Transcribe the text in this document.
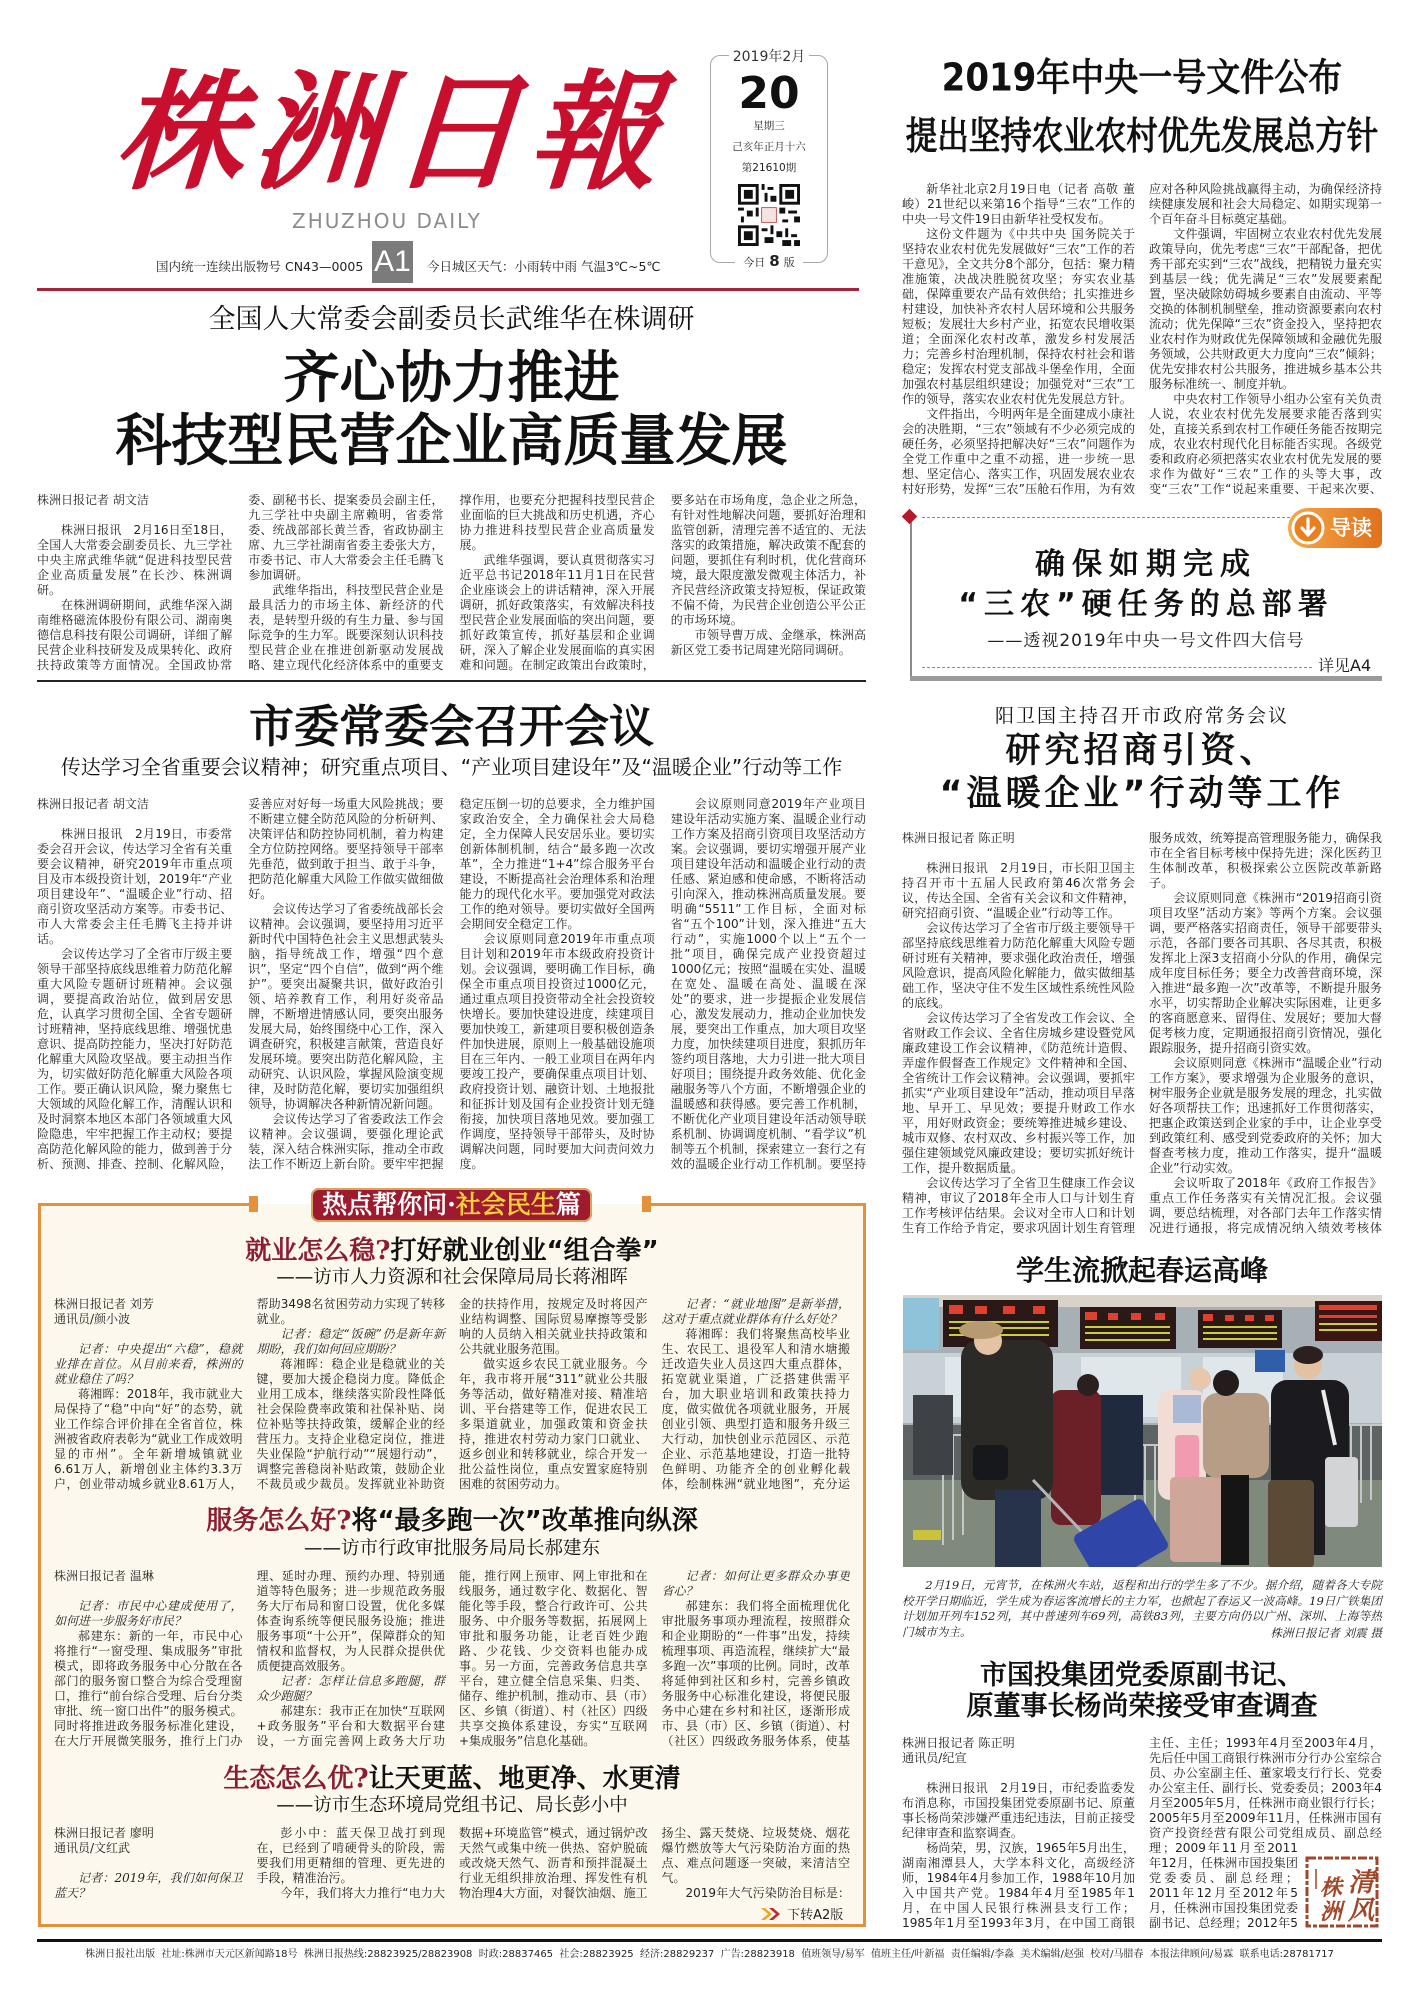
株洲日報
ZHUZHOU DAILY
国内统一连续出版物号 CN43—0005 A1 今日城区天气：小雨转中雨 气温3℃~5℃
2019年2月
20
星期三
己亥年正月十六
第21610期
今日 8 版
全国人大常委会副委员长武维华在株调研
齐心协力推进
科技型民营企业高质量发展

株洲日报记者 胡文洁

株洲日报讯　2月16日至18日，全国人大常委会副委员长、九三学社中央主席武维华就“促进科技型民营企业高质量发展”在长沙、株洲调研。

在株洲调研期间，武维华深入湖南维格磁流体股份有限公司、湖南奥德信息科技有限公司调研，详细了解民营企业科技研发及成果转化、政府扶持政策等方面情况。全国政协常委、副秘书长、提案委员会副主任，九三学社中央副主席赖明，省委常委、统战部部长黄兰香，省政协副主席、九三学社湖南省委主委张大方，市委书记、市人大常委会主任毛腾飞参加调研。

武维华指出，科技型民营企业是最具活力的市场主体、新经济的代表，是转型升级的有生力量、参与国际竞争的生力军。既要深刻认识科技型民营企业在推进创新驱动发展战略、建立现代化经济体系中的重要支撑作用，也要充分把握科技型民营企业面临的巨大挑战和历史机遇，齐心协力推进科技型民营企业高质量发展。

武维华强调，要认真贯彻落实习近平总书记2018年11月1日在民营企业座谈会上的讲话精神，深入开展调研，抓好政策落实，有效解决科技型民营企业发展面临的突出问题，要抓好政策宣传，抓好基层和企业调研，深入了解企业发展面临的真实困难和问题。在制定政策出台政策时，要多站在市场角度，急企业之所急，有针对性地解决问题，要抓好治理和监管创新，清理完善不适宜的、无法落实的政策措施，解决政策不配套的问题，要抓住有利时机，优化营商环境，最大限度激发微观主体活力，补齐民营经济政策支持短板，保证政策不偏不倚，为民营企业创造公平公正的市场环境。

市领导曹万成、金继承，株洲高新区党工委书记周建光陪同调研。

市委常委会召开会议
传达学习全省重要会议精神；研究重点项目、“产业项目建设年”及“温暖企业”行动等工作

株洲日报记者 胡文洁

株洲日报讯　2月19日，市委常委会召开会议，传达学习全省有关重要会议精神，研究2019年市重点项目及市本级投资计划，2019年“产业项目建设年”、“温暖企业”行动、招商引资攻坚活动方案等。市委书记、市人大常委会主任毛腾飞主持并讲话。

会议传达学习了全省市厅级主要领导干部坚持底线思维着力防范化解重大风险专题研讨班精神。会议强调，要提高政治站位，做到居安思危，认真学习贯彻全国、全省专题研讨班精神，坚持底线思维、增强忧患意识、提高防控能力，坚决打好防范化解重大风险攻坚战。要主动担当作为，切实做好防范化解重大风险各项工作。要正确认识风险，聚力聚焦七大领域的风险化解工作，清醒认识和及时洞察本地区本部门各领域重大风险隐患，牢牢把握工作主动权；要提高防范化解风险的能力，做到善于分析、预测、排查、控制、化解风险，妥善应对好每一场重大风险挑战；要不断建立健全防范风险的分析研判、决策评估和防控协同机制，着力构建全方位防控网络。要坚持领导干部率先垂范，做到敢于担当、敢于斗争，把防范化解重大风险工作做实做细做好。

会议传达学习了省委统战部长会议精神。会议强调，要坚持用习近平新时代中国特色社会主义思想武装头脑，指导统战工作，增强“四个意识”，坚定“四个自信”，做到“两个维护”。要突出凝聚共识，做好政治引领、培养教育工作，利用好炎帝品牌，不断增进情感认同，要突出服务发展大局，始终围绕中心工作，深入调查研究，积极建言献策，营造良好发展环境。要突出防范化解风险，主动研究、认识风险，掌握风险演变规律，及时防范化解，要切实加强组织领导，协调解决各种新情况新问题。

会议传达学习了省委政法工作会议精神。会议强调，要强化理论武装，深入结合株洲实际，推动全市政法工作不断迈上新台阶。要牢牢把握稳定压倒一切的总要求，全力维护国家政治安全，全力确保社会大局稳定，全力保障人民安居乐业。要切实创新体制机制，结合“最多跑一次改革”，全力推进“1+4”综合服务平台建设，不断提高社会治理体系和治理能力的现代化水平。要加强党对政法工作的绝对领导。要切实做好全国两会期间安全稳定工作。

会议原则同意2019年市重点项目计划和2019年市本级政府投资计划。会议强调，要明确工作目标，确保全市重点项目投资过1000亿元，通过重点项目投资带动全社会投资较快增长。要加快建设进度，续建项目要加快竣工，新建项目要积极创造条件加快进展，原则上一般基础设施项目在三年内、一般工业项目在两年内要竣工投产，要确保重点项目计划、政府投资计划、融资计划、土地报批和征拆计划及国有企业投资计划无缝衔接，加快项目落地见效。要加强工作调度，坚持领导干部带头，及时协调解决问题，同时要加大问责问效力度。

会议原则同意2019年产业项目建设年活动实施方案、温暖企业行动工作方案及招商引资项目攻坚活动方案。会议强调，要切实增强开展产业项目建设年活动和温暖企业行动的责任感、紧迫感和使命感，不断将活动引向深入，推动株洲高质量发展。要明确“5511”工作目标，全面对标省“五个100”计划，深入推进“五大行动”，实施1000个以上“五个一批”项目，确保完成产业投资超过1000亿元；按照“温暖在实处、温暖在宽处、温暖在高处、温暖在深处”的要求，进一步提振企业发展信心，激发发展动力，推动企业加快发展，要突出工作重点，加大项目攻坚力度，加快续建项目进度，狠抓历年签约项目落地，大力引进一批大项目好项目；围绕提升政务效能、优化金融服务等八个方面，不断增强企业的温暖感和获得感。要完善工作机制，不断优化产业项目建设年活动领导联系机制、协调调度机制、“看学议”机制等五个机制，探索建立一套行之有效的温暖企业行动工作机制。要坚持

热点帮你问·社会民生篇
就业怎么稳?打好就业创业“组合拳”
——访市人力资源和社会保障局局长蒋湘晖

株洲日报记者 刘芳

通讯员/颜小波

记者：中央提出“六稳”，稳就业排在首位。从目前来看，株洲的就业稳住了吗？

蒋湘晖：2018年，我市就业大局保持了“稳”中向“好”的态势，就业工作综合评价排在全省首位，株洲被省政府表彰为“就业工作成效明显的市州”。全年新增城镇就业6.61万人，新增创业主体约3.3万户，创业带动城乡就业8.61万人，帮助3498名贫困劳动力实现了转移就业。

记者：稳定“饭碗”仍是新年新期盼，我们如何回应期盼？

蒋湘晖：稳企业是稳就业的关键，要加大援企稳岗力度。降低企业用工成本，继续落实阶段性降低社会保险费率政策和社保补贴、岗位补贴等扶持政策，缓解企业的经营压力。支持企业稳定岗位，推进失业保险“护航行动”“展翅行动”，调整完善稳岗补贴政策，鼓励企业不裁员或少裁员。发挥就业补助资金的扶持作用，按规定及时将因产业结构调整、国际贸易摩擦等受影响的人员纳入相关就业扶持政策和公共就业服务范围。

做实返乡农民工就业服务。今年，我市将开展“311”就业公共服务等活动，做好精准对接、精准培训、平台搭建等工作，促进农民工多渠道就业，加强政策和资金扶持，推进农村劳动力家门口就业、返乡创业和转移就业，综合开发一批公益性岗位，重点安置家庭特别困难的贫困劳动力。

记者：“就业地图”是新举措，这对于重点就业群体有什么好处？

蒋湘晖：我们将聚焦高校毕业生、农民工、退役军人和清水塘搬迁改造失业人员这四大重点群体，拓宽就业渠道，广泛搭建供需平台，加大职业培训和政策扶持力度，做实做优各项就业服务，开展创业引领、典型打造和服务升级三大行动，加快创业示范园区、示范企业、示范基地建设，打造一批特色鲜明、功能齐全的创业孵化载体，绘制株洲“就业地图”，充分运

服务怎么好?将“最多跑一次”改革推向纵深
——访市行政审批服务局局长郝建东

株洲日报记者 温琳

记者：市民中心建成使用了，如何进一步服务好市民？

郝建东：新的一年，市民中心将推行“一窗受理、集成服务”审批模式，即将政务服务中心分散在各部门的服务窗口整合为综合受理窗口，推行“前台综合受理、后台分类审批、统一窗口出件”的服务模式。同时将推进政务服务标准化建设，在大厅开展微笑服务，推行上门办理、延时办理、预约办理、特别通道等特色服务；进一步规范政务服务大厅布局和窗口设置，优化多媒体查询系统等便民服务设施；推进服务事项“十公开”，保障群众的知情权和监督权，为人民群众提供优质便捷高效服务。

记者：怎样让信息多跑腿，群众少跑腿？

郝建东：我市正在加快“互联网+政务服务”平台和大数据平台建设，一方面完善网上政务大厅功能，推行网上预审、网上审批和在线服务，通过数字化、数据化、智能化等手段，整合行政许可、公共服务、中介服务等数据，拓展网上审批和服务功能，让老百姓少跑路、少花钱、少交资料也能办成事。另一方面，完善政务信息共享平台，建立健全信息采集、归类、储存、维护机制，推动市、县（市）区、乡镇（街道）、村（社区）四级共享交换体系建设，夯实“互联网+集成服务”信息化基础。

记者：如何让更多群众办事更省心？

郝建东：我们将全面梳理优化审批服务事项办理流程，按照群众和企业期盼的“一件事”出发，持续梳理事项、再造流程，继续扩大“最多跑一次”事项的比例。同时，改革将延伸到社区和乡村，完善乡镇政务服务中心标准化建设，将便民服务中心建在乡村和社区，逐渐形成市、县（市）区、乡镇（街道）、村（社区）四级政务服务体系，使基

生态怎么优?让天更蓝、地更净、水更清
——访市生态环境局党组书记、局长彭小中

株洲日报记者 廖明

通讯员/文红武

记者：2019年，我们如何保卫蓝天？

彭小中：蓝天保卫战打到现在，已经到了啃硬骨头的阶段，需要我们用更精细的管理、更先进的手段，精准治污。

今年，我们将大力推行“电力大数据+环境监管”模式，通过锅炉改天然气或集中统一供热、窑炉脱硫或改烧天然气、沥青和预拌混凝土行业无组织排放治理、挥发性有机物治理4大方面，对餐饮油烟、施工扬尘、露天焚烧、垃圾焚烧、烟花爆竹燃放等大气污染防治方面的热点、难点问题逐一突破，来清洁空气。

2019年大气污染防治目标是：

下转A2版
2019年中央一号文件公布
提出坚持农业农村优先发展总方针

新华社北京2月19日电（记者 高敬 董峻）21世纪以来第16个指导“三农”工作的中央一号文件19日由新华社受权发布。

这份文件题为《中共中央 国务院关于坚持农业农村优先发展做好“三农”工作的若干意见》，全文共分8个部分，包括：聚力精准施策，决战决胜脱贫攻坚；夯实农业基础，保障重要农产品有效供给；扎实推进乡村建设，加快补齐农村人居环境和公共服务短板；发展壮大乡村产业，拓宽农民增收渠道；全面深化农村改革，激发乡村发展活力；完善乡村治理机制，保持农村社会和谐稳定；发挥农村党支部战斗堡垒作用，全面加强农村基层组织建设；加强党对“三农”工作的领导，落实农业农村优先发展总方针。

文件指出，今明两年是全面建成小康社会的决胜期，“三农”领域有不少必须完成的硬任务，必须坚持把解决好“三农”问题作为全党工作重中之重不动摇，进一步统一思想、坚定信心、落实工作，巩固发展农业农村好形势，发挥“三农”压舱石作用，为有效应对各种风险挑战赢得主动，为确保经济持续健康发展和社会大局稳定、如期实现第一个百年奋斗目标奠定基础。

文件强调，牢固树立农业农村优先发展政策导向，优先考虑“三农”干部配备，把优秀干部充实到“三农”战线，把精锐力量充实到基层一线；优先满足“三农”发展要素配置，坚决破除妨碍城乡要素自由流动、平等交换的体制机制壁垒，推动资源要素向农村流动；优先保障“三农”资金投入，坚持把农业农村作为财政优先保障领域和金融优先服务领域，公共财政更大力度向“三农”倾斜；优先安排农村公共服务，推进城乡基本公共服务标准统一、制度并轨。

中央农村工作领导小组办公室有关负责人说，农业农村优先发展要求能否落到实处，直接关系到农村工作硬任务能否按期完成，农业农村现代化目标能否实现。各级党委和政府必须把落实农业农村优先发展的要求作为做好“三农”工作的头等大事，改变“三农”工作“说起来重要、干起来次要、

导读
确保如期完成
“三农”硬任务的总部署
——透视2019年中央一号文件四大信号
详见A4
阳卫国主持召开市政府常务会议
研究招商引资、
“温暖企业”行动等工作

株洲日报记者 陈正明

株洲日报讯　2月19日，市长阳卫国主持召开市十五届人民政府第46次常务会议，传达全国、全省有关会议和文件精神，研究招商引资、“温暖企业”行动等工作。

会议传达学习了全省市厅级主要领导干部坚持底线思维着力防范化解重大风险专题研讨班有关精神，要求强化政治责任，增强风险意识，提高风险化解能力，做实做细基础工作，坚决守住不发生区域性系统性风险的底线。

会议传达学习了全省发改工作会议、全省财政工作会议、全省住房城乡建设暨党风廉政建设工作会议精神，《防范统计造假、弄虚作假督查工作规定》文件精神和全国、全省统计工作会议精神。会议强调，要抓牢抓实“产业项目建设年”活动，推动项目早落地、早开工、早见效；要提升财政工作水平，用好财政资金；要统筹推进城乡建设、城市双修、农村双改、乡村振兴等工作，加强住建领域党风廉政建设；要切实抓好统计工作，提升数据质量。

会议传达学习了全省卫生健康工作会议精神，审议了2018年全市人口与计划生育工作考核评估结果。会议对全市人口和计划生育工作给予肯定，要求巩固计划生育管理服务成效，统筹提高管理服务能力，确保我市在全省目标考核中保持先进；深化医药卫生体制改革，积极探索公立医院改革新路子。

会议原则同意《株洲市“2019招商引资项目攻坚”活动方案》等两个方案。会议强调，要严格落实招商责任，领导干部要带头示范，各部门要各司其职、各尽其责，积极发挥北上深3支招商小分队的作用，确保完成年度目标任务；要全力改善营商环境，深入推进“最多跑一次”改革等，不断提升服务水平，切实帮助企业解决实际困难，让更多的客商愿意来、留得住、发展好；要加大督促考核力度，定期通报招商引资情况，强化跟踪服务，提升招商引资实效。

会议原则同意《株洲市“温暖企业”行动工作方案》，要求增强为企业服务的意识，树牢服务企业就是服务发展的理念，扎实做好各项帮扶工作；迅速抓好工作贯彻落实，把惠企政策送到企业家的手中，让企业享受到政策红利、感受到党委政府的关怀；加大督查考核力度，推动工作落实，提升“温暖企业”行动实效。

会议听取了2018年《政府工作报告》重点工作任务落实有关情况汇报。会议强调，要总结梳理，对各部门去年工作落实情况进行通报，将完成情况纳入绩效考核体

学生流掀起春运高峰
2月19日，元宵节，在株洲火车站，返程和出行的学生多了不少。据介绍，随着各大专院校开学日期临近，学生成为春运客流增长的主力军，也掀起了春运又一波高峰。19日广铁集团计划加开列车152列，其中普速列车69列，高铁83列，主要方向仍以广州、深圳、上海等热门城市为主。	株洲日报记者 刘震 摄
市国投集团党委原副书记、
原董事长杨尚荣接受审查调查

株洲日报记者 陈正明

通讯员/纪宣

株洲日报讯　2月19日，市纪委监委发布消息称，市国投集团党委原副书记、原董事长杨尚荣涉嫌严重违纪违法，目前正接受纪律审查和监察调查。

杨尚荣，男，汉族，1965年5月出生，湖南湘潭县人，大学本科文化，高级经济师，1984年4月参加工作，1988年10月加入中国共产党。1984年4月至1985年1月，在中国人民银行株洲县支行工作；1985年1月至1993年3月，在中国工商银

清
风
株
洲

主任、主任；1993年4月至2003年4月，先后任中国工商银行株洲市分行办公室综合员、办公室副主任、董家塅支行行长、党委办公室主任、副行长、党委委员；2003年4月至2005年5月，任株洲市商业银行行长；2005年5月至2009年11月，任株洲市国有资产投资经营有限公司党组成员、副总经理；2009年11月至2011年12月，任株洲市国投集团党委委员、副总经理；2011年12月至2012年5月，任株洲市国投集团党委副书记、总经理；2012年5

株洲日报社出版  社址:株洲市天元区新闻路18号  株洲日报热线:28823925/28823908  时政:28837465  社会:28823925  经济:28829237  广告:28823918  值班领导/易军  值班主任/叶新福  责任编辑/李淼  美术编辑/赵强  校对/马腊春  本报法律顾问/易霖  联系电话:28781717
